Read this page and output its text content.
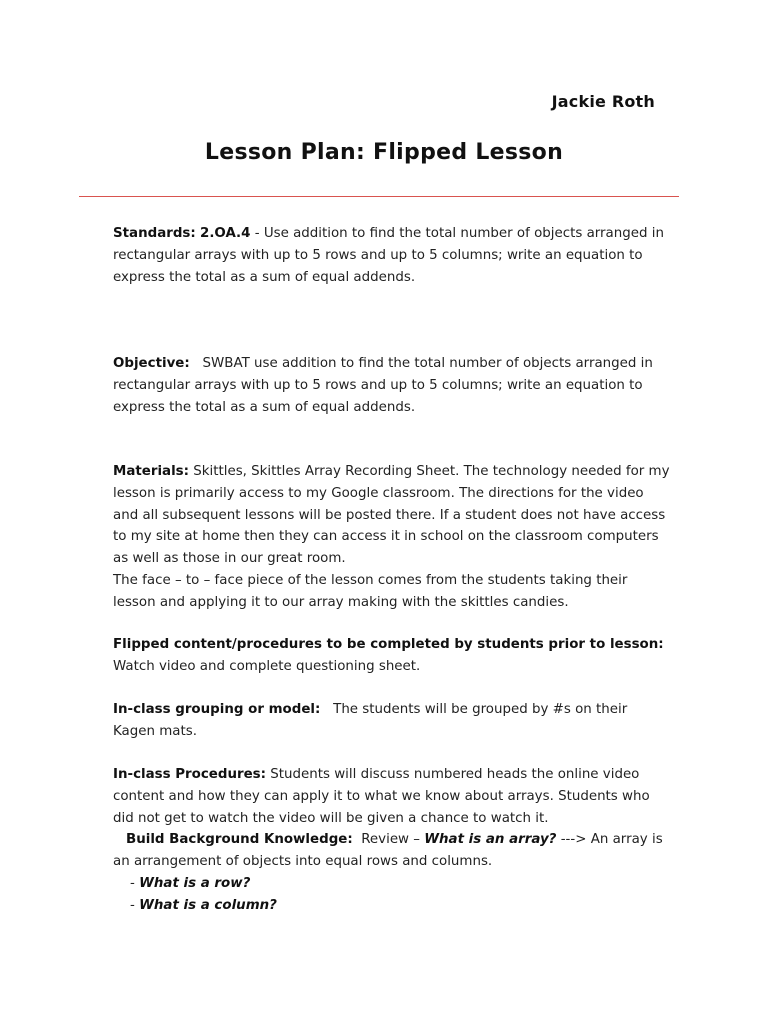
Jackie Roth
Lesson Plan: Flipped Lesson
Standards: 2.OA.4 - Use addition to find the total number of objects arranged in rectangular arrays with up to 5 rows and up to 5 columns; write an equation to express the total as a sum of equal addends.
Objective: SWBAT use addition to find the total number of objects arranged in rectangular arrays with up to 5 rows and up to 5 columns; write an equation to express the total as a sum of equal addends.
Materials: Skittles, Skittles Array Recording Sheet. The technology needed for my lesson is primarily access to my Google classroom. The directions for the video and all subsequent lessons will be posted there. If a student does not have access to my site at home then they can access it in school on the classroom computers as well as those in our great room.
The face – to – face piece of the lesson comes from the students taking their lesson and applying it to our array making with the skittles candies.
Flipped content/procedures to be completed by students prior to lesson:
Watch video and complete questioning sheet.
In-class grouping or model: The students will be grouped by #s on their Kagen mats.
In-class Procedures: Students will discuss numbered heads the online video content and how they can apply it to what we know about arrays. Students who did not get to watch the video will be given a chance to watch it.
Build Background Knowledge: Review – What is an array? ---> An array is an arrangement of objects into equal rows and columns.
- What is a row?
- What is a column?
